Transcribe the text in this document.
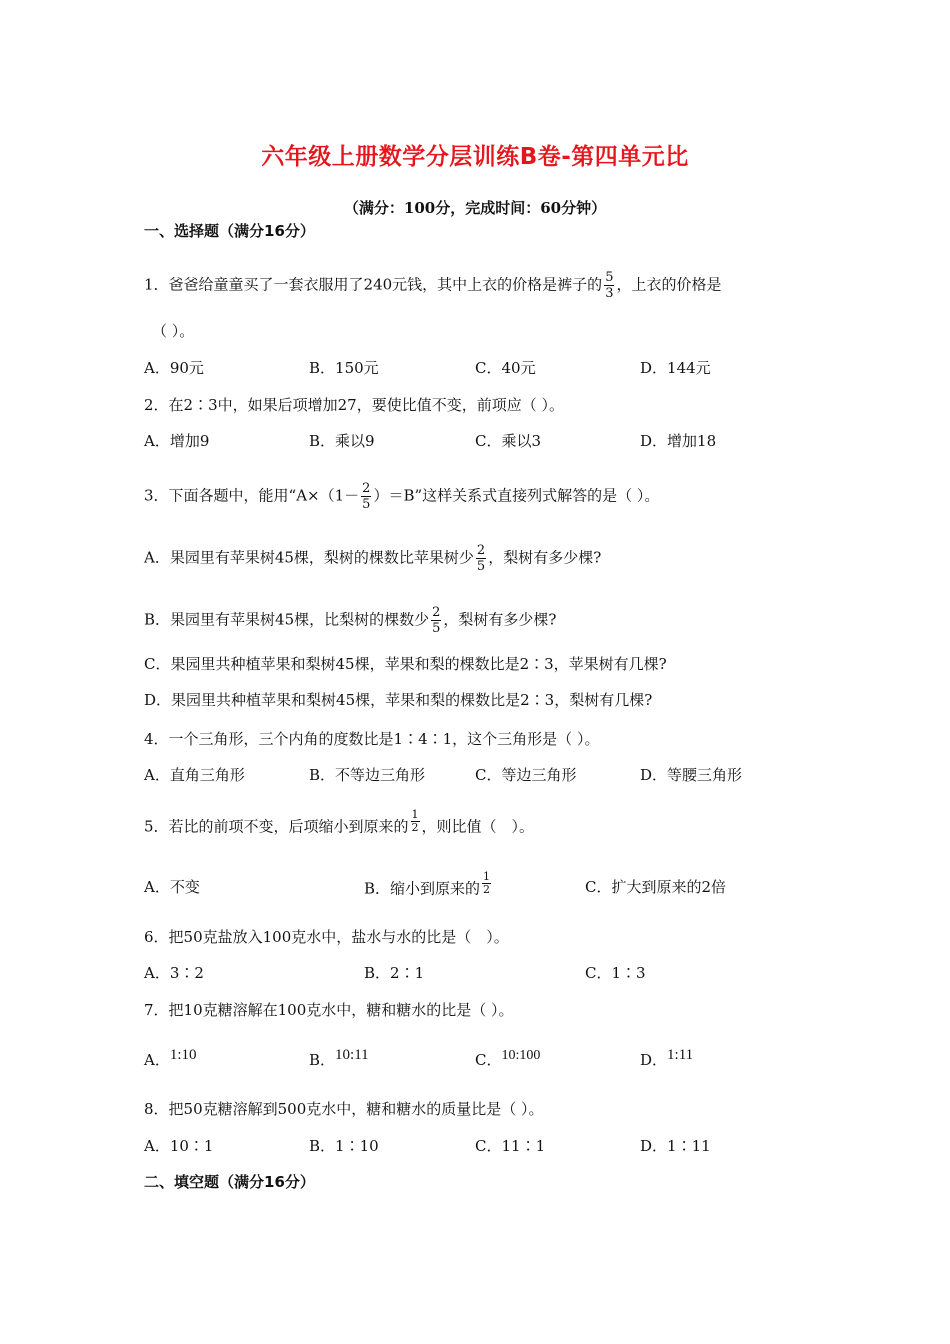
六年级上册数学分层训练B卷-第四单元比
（满分：100分，完成时间：60分钟）
一、选择题（满分16分）
1．爸爸给童童买了一套衣服用了240元钱，其中上衣的价格是裤子的 $\frac{5}{3}$ ，上衣的价格是
（ ）。
A．90元	B．150元	C．40元	D．144元
2．在2∶3中，如果后项增加27，要使比值不变，前项应（ ）。
A．增加9	B．乘以9	C．乘以3	D．增加18
3．下面各题中，能用“$A\times(1- \frac{2}{5} )=B$”这样关系式直接列式解答的是（ ）。
A．果园里有苹果树45棵，梨树的棵数比苹果树少 $\frac{2}{5}$ ，梨树有多少棵?
B．果园里有苹果树45棵，比梨树的棵数少 $\frac{2}{5}$ ，梨树有多少棵?
C．果园里共种植苹果和梨树45棵，苹果和梨的棵数比是2∶3，苹果树有几棵?
D．果园里共种植苹果和梨树45棵，苹果和梨的棵数比是2∶3，梨树有几棵?
4．一个三角形，三个内角的度数比是1∶4∶1，这个三角形是（ ）。
A．直角三角形	B．不等边三角形	C．等边三角形	D．等腰三角形
5．若比的前项不变，后项缩小到原来的 $\frac{1}{2}$ ，则比值（　）。
A．不变	B．缩小到原来的 $\frac{1}{2}$	C．扩大到原来的2倍
6．把50克盐放入100克水中，盐水与水的比是（　）。
A．3∶2	B．2∶1	C．1∶3
7．把10克糖溶解在100克水中，糖和糖水的比是（ ）。
A．1:10	B．10:11	C．10:100	D．1:11
8．把50克糖溶解到500克水中，糖和糖水的质量比是（ ）。
A．10∶1	B．1∶10	C．11∶1	D．1∶11
二、填空题（满分16分）
